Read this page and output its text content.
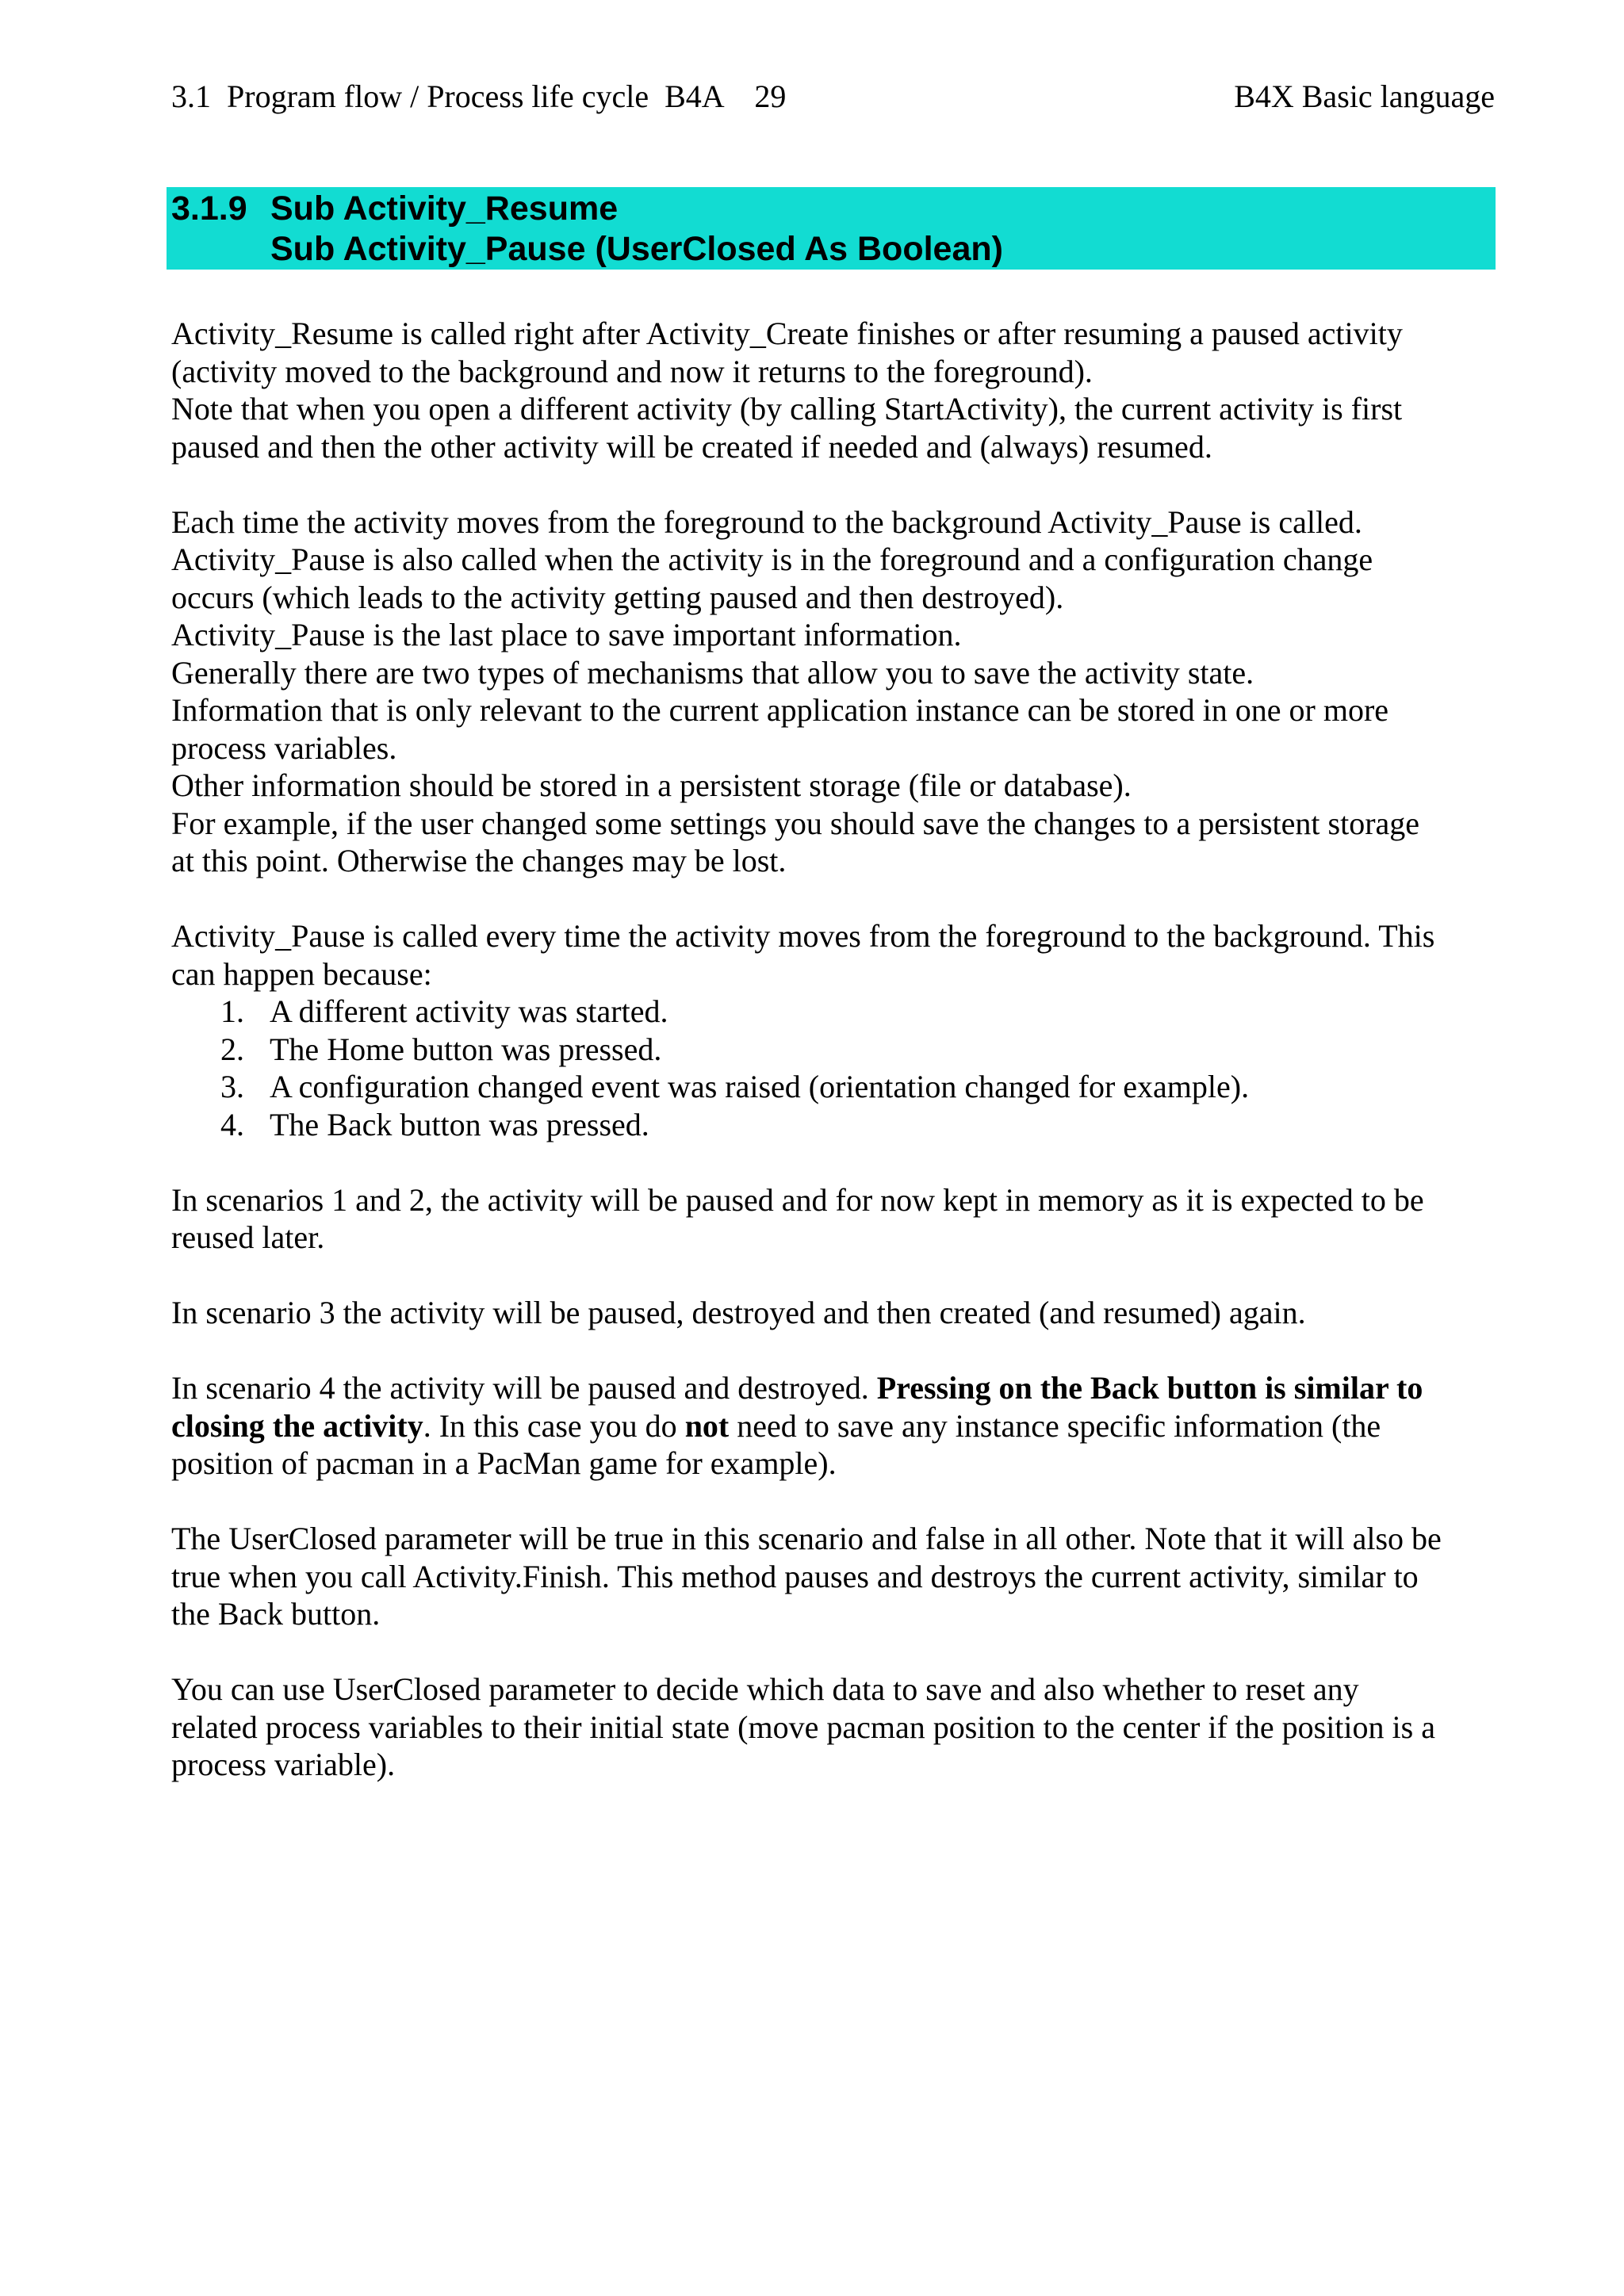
3.1  Program flow / Process life cycle  B4A    29	B4X Basic language
3.1.9 Sub Activity_Resume
Sub Activity_Pause (UserClosed As Boolean)
Activity_Resume is called right after Activity_Create finishes or after resuming a paused activity
(activity moved to the background and now it returns to the foreground).
Note that when you open a different activity (by calling StartActivity), the current activity is first
paused and then the other activity will be created if needed and (always) resumed.
Each time the activity moves from the foreground to the background Activity_Pause is called.
Activity_Pause is also called when the activity is in the foreground and a configuration change
occurs (which leads to the activity getting paused and then destroyed).
Activity_Pause is the last place to save important information.
Generally there are two types of mechanisms that allow you to save the activity state.
Information that is only relevant to the current application instance can be stored in one or more
process variables.
Other information should be stored in a persistent storage (file or database).
For example, if the user changed some settings you should save the changes to a persistent storage
at this point. Otherwise the changes may be lost.
Activity_Pause is called every time the activity moves from the foreground to the background. This
can happen because:
1. A different activity was started.
2. The Home button was pressed.
3. A configuration changed event was raised (orientation changed for example).
4. The Back button was pressed.
In scenarios 1 and 2, the activity will be paused and for now kept in memory as it is expected to be
reused later.
In scenario 3 the activity will be paused, destroyed and then created (and resumed) again.
In scenario 4 the activity will be paused and destroyed. Pressing on the Back button is similar to
closing the activity. In this case you do not need to save any instance specific information (the
position of pacman in a PacMan game for example).
The UserClosed parameter will be true in this scenario and false in all other. Note that it will also be
true when you call Activity.Finish. This method pauses and destroys the current activity, similar to
the Back button.
You can use UserClosed parameter to decide which data to save and also whether to reset any
related process variables to their initial state (move pacman position to the center if the position is a
process variable).
